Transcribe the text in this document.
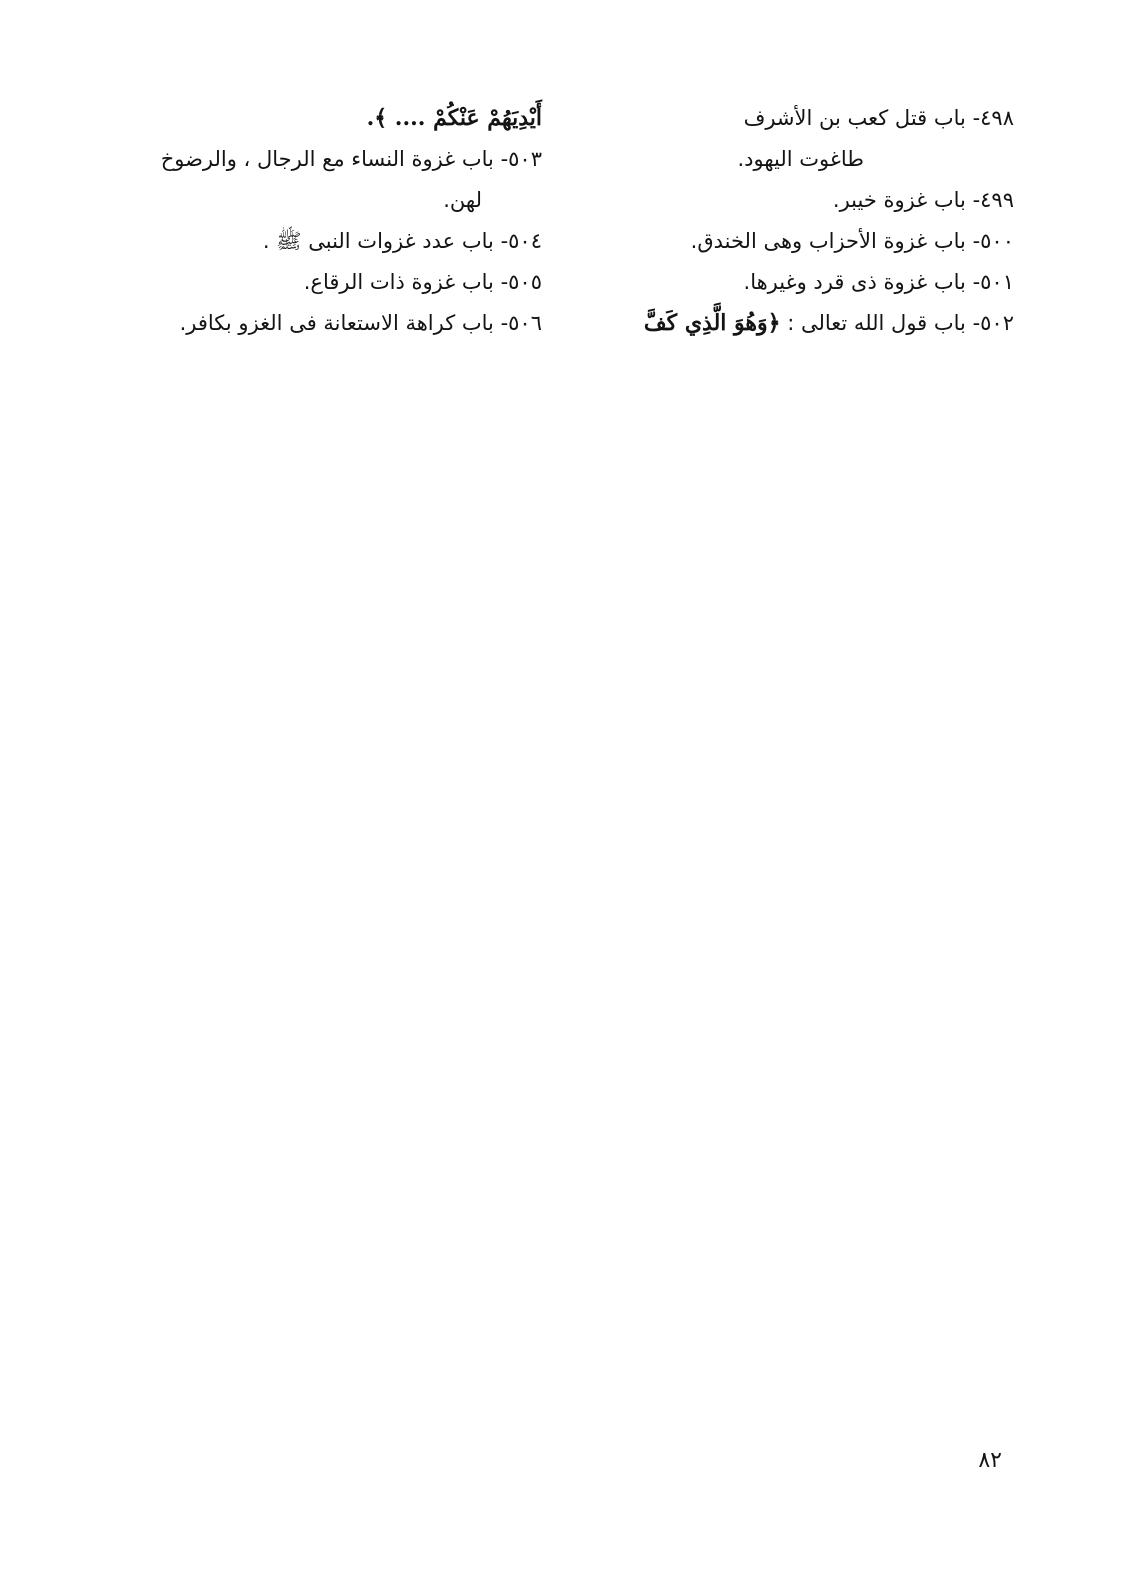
٤٩٨- باب قتل كعب بن الأشرف

طاغوت اليهود.

٤٩٩- باب غزوة خيبر.

٥٠٠- باب غزوة الأحزاب وهى الخندق.

٥٠١- باب غزوة ذى قرد وغيرها.

٥٠٢- باب قول الله تعالى : ﴿وَهُوَ الَّذِي كَفَّ

أَيْدِيَهُمْ عَنْكُمْ .... ﴾.

٥٠٣- باب غزوة النساء مع الرجال ، والرضوخ

لهن.

٥٠٤- باب عدد غزوات النبى ﷺ .

٥٠٥- باب غزوة ذات الرقاع.

٥٠٦- باب كراهة الاستعانة فى الغزو بكافر.

٨٢
